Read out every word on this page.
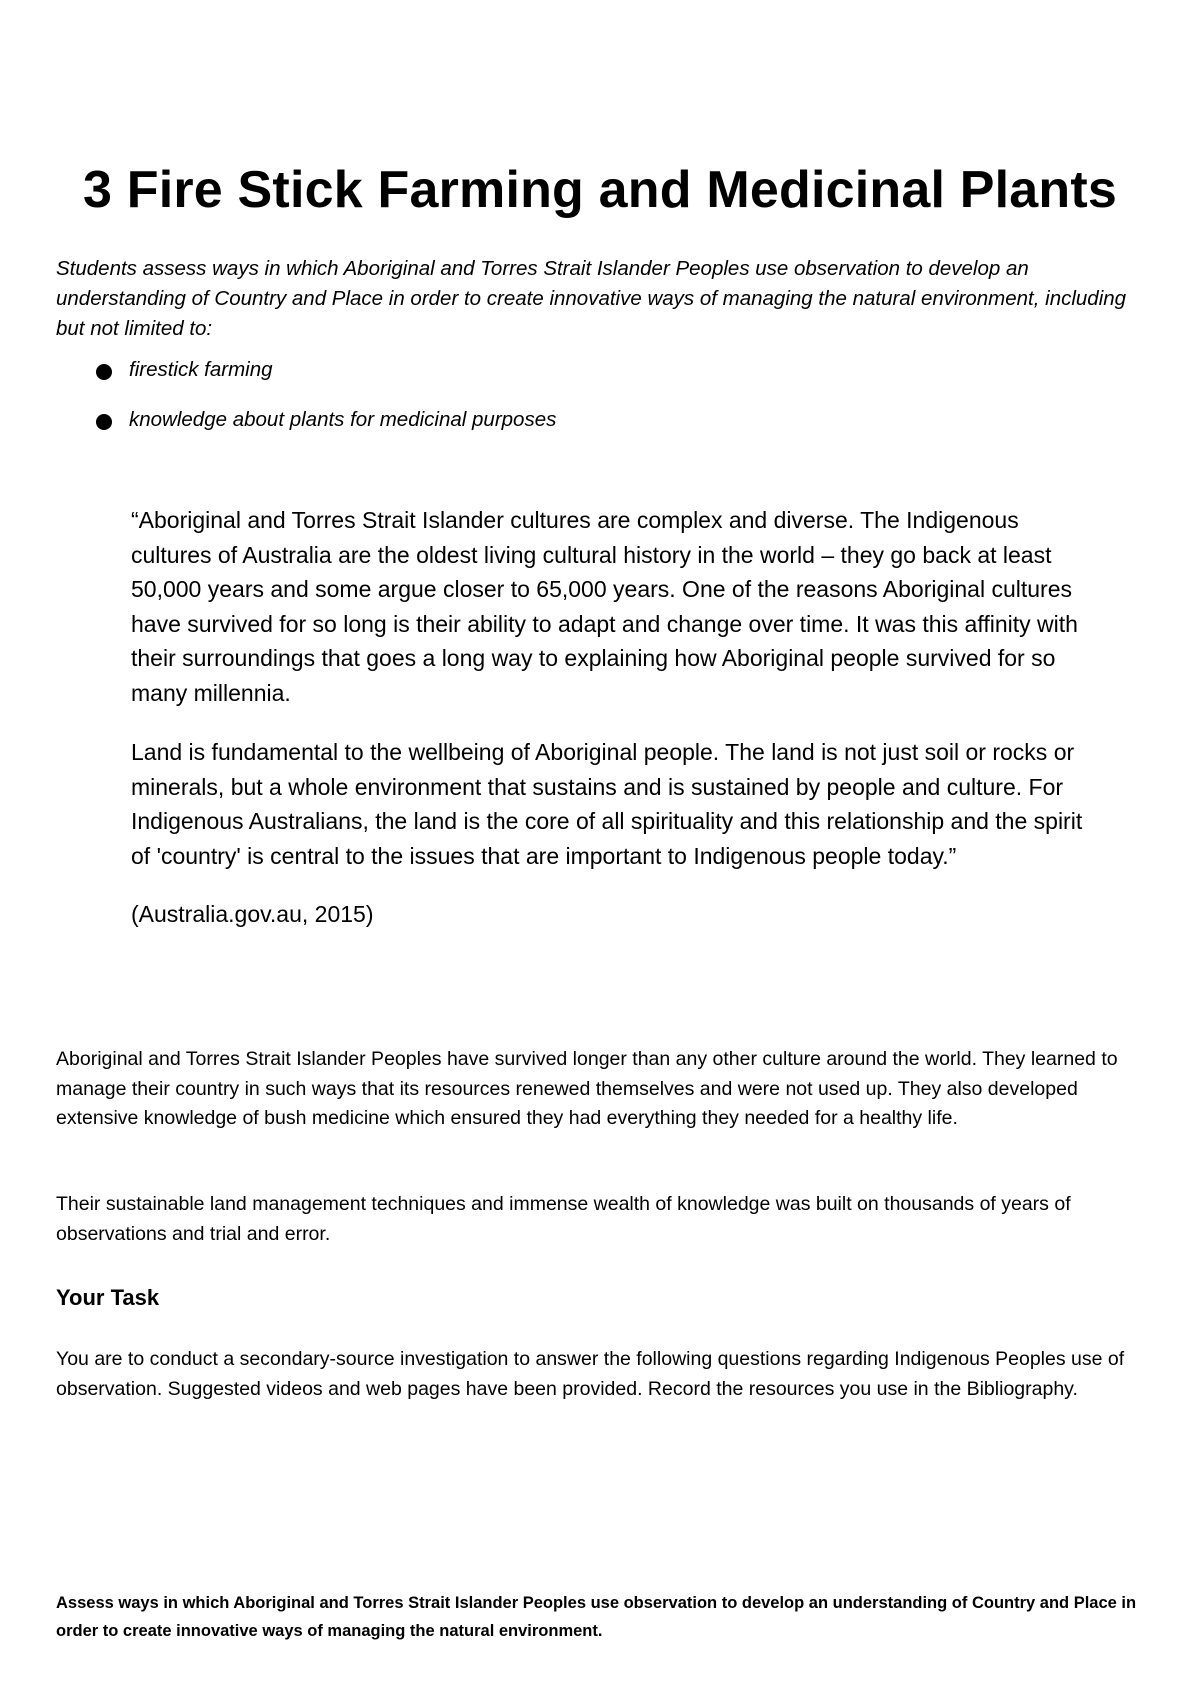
3 Fire Stick Farming and Medicinal Plants

Students assess ways in which Aboriginal and Torres Strait Islander Peoples use observation to develop an understanding of Country and Place in order to create innovative ways of managing the natural environment, including but not limited to:

firestick farming
knowledge about plants for medicinal purposes

“Aboriginal and Torres Strait Islander cultures are complex and diverse. The Indigenous cultures of Australia are the oldest living cultural history in the world – they go back at least 50,000 years and some argue closer to 65,000 years. One of the reasons Aboriginal cultures have survived for so long is their ability to adapt and change over time. It was this affinity with their surroundings that goes a long way to explaining how Aboriginal people survived for so many millennia.

Land is fundamental to the wellbeing of Aboriginal people. The land is not just soil or rocks or minerals, but a whole environment that sustains and is sustained by people and culture. For Indigenous Australians, the land is the core of all spirituality and this relationship and the spirit of 'country' is central to the issues that are important to Indigenous people today.”

(Australia.gov.au, 2015)

Aboriginal and Torres Strait Islander Peoples have survived longer than any other culture around the world. They learned to manage their country in such ways that its resources renewed themselves and were not used up. They also developed extensive knowledge of bush medicine which ensured they had everything they needed for a healthy life.

Their sustainable land management techniques and immense wealth of knowledge was built on thousands of years of observations and trial and error.

Your Task

You are to conduct a secondary-source investigation to answer the following questions regarding Indigenous Peoples use of observation. Suggested videos and web pages have been provided. Record the resources you use in the Bibliography.

Assess ways in which Aboriginal and Torres Strait Islander Peoples use observation to develop an understanding of Country and Place in order to create innovative ways of managing the natural environment.
